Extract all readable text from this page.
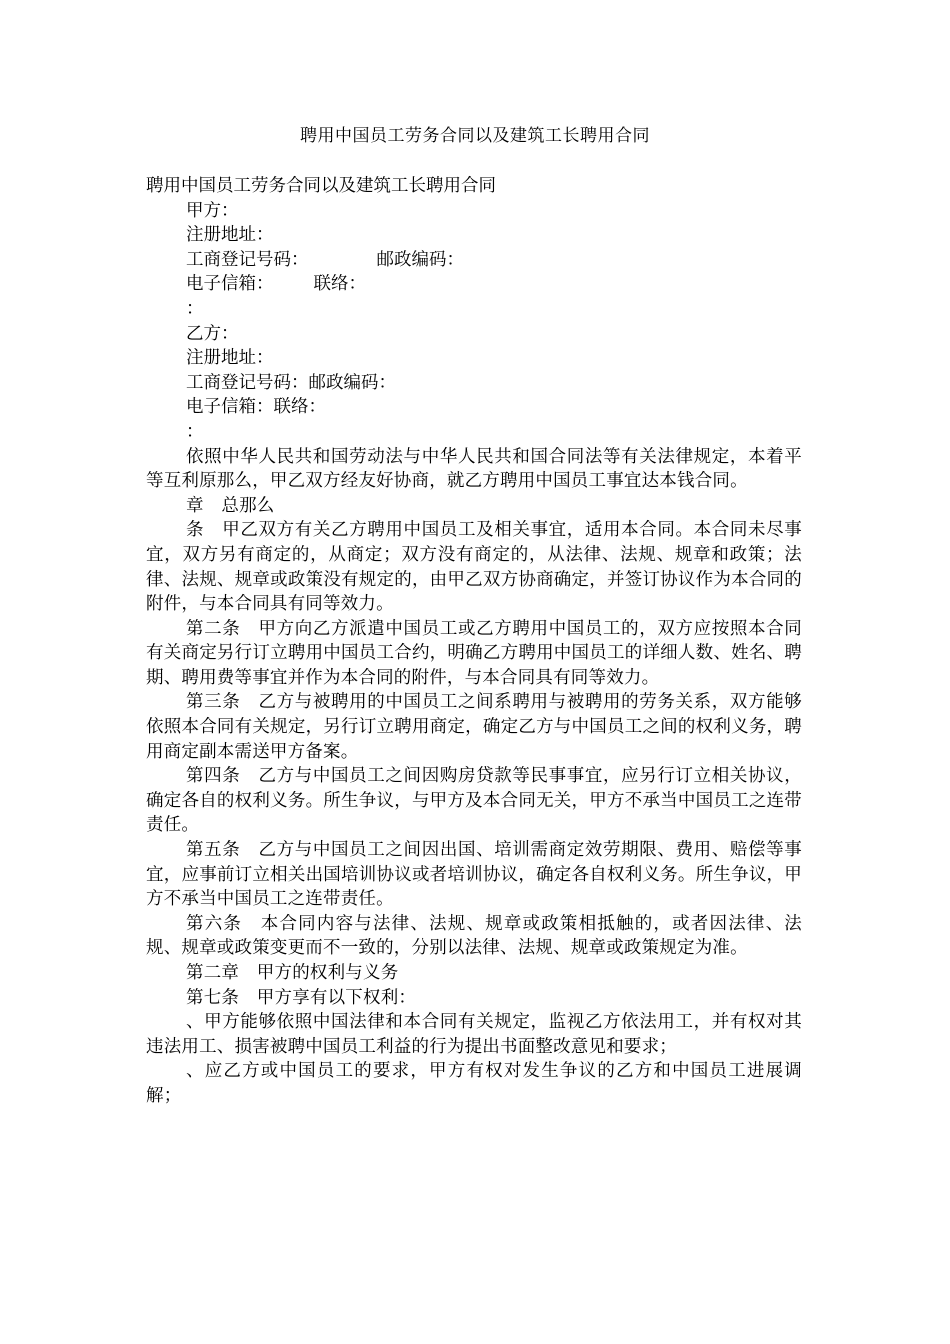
聘用中国员工劳务合同以及建筑工长聘用合同

聘用中国员工劳务合同以及建筑工长聘用合同

甲方：

注册地址：

工商登记号码：	邮政编码：

电子信箱： 联络：

：

乙方：

注册地址：

工商登记号码：邮政编码：

电子信箱：联络：

：

依照中华人民共和国劳动法与中华人民共和国合同法等有关法律规定，本着平等互利原那么，甲乙双方经友好协商，就乙方聘用中国员工事宜达本钱合同。

章　总那么

条　甲乙双方有关乙方聘用中国员工及相关事宜，适用本合同。本合同未尽事宜，双方另有商定的，从商定；双方没有商定的，从法律、法规、规章和政策；法律、法规、规章或政策没有规定的，由甲乙双方协商确定，并签订协议作为本合同的附件，与本合同具有同等效力。

第二条　甲方向乙方派遣中国员工或乙方聘用中国员工的，双方应按照本合同有关商定另行订立聘用中国员工合约，明确乙方聘用中国员工的详细人数、姓名、聘期、聘用费等事宜并作为本合同的附件，与本合同具有同等效力。

第三条　乙方与被聘用的中国员工之间系聘用与被聘用的劳务关系，双方能够依照本合同有关规定，另行订立聘用商定，确定乙方与中国员工之间的权利义务，聘用商定副本需送甲方备案。

第四条　乙方与中国员工之间因购房贷款等民事事宜，应另行订立相关协议，确定各自的权利义务。所生争议，与甲方及本合同无关，甲方不承当中国员工之连带责任。

第五条　乙方与中国员工之间因出国、培训需商定效劳期限、费用、赔偿等事宜，应事前订立相关出国培训协议或者培训协议，确定各自权利义务。所生争议，甲方不承当中国员工之连带责任。

第六条　本合同内容与法律、法规、规章或政策相抵触的，或者因法律、法规、规章或政策变更而不一致的，分别以法律、法规、规章或政策规定为准。

第二章　甲方的权利与义务

第七条　甲方享有以下权利：

、甲方能够依照中国法律和本合同有关规定，监视乙方依法用工，并有权对其违法用工、损害被聘中国员工利益的行为提出书面整改意见和要求；

、应乙方或中国员工的要求，甲方有权对发生争议的乙方和中国员工进展调解；
